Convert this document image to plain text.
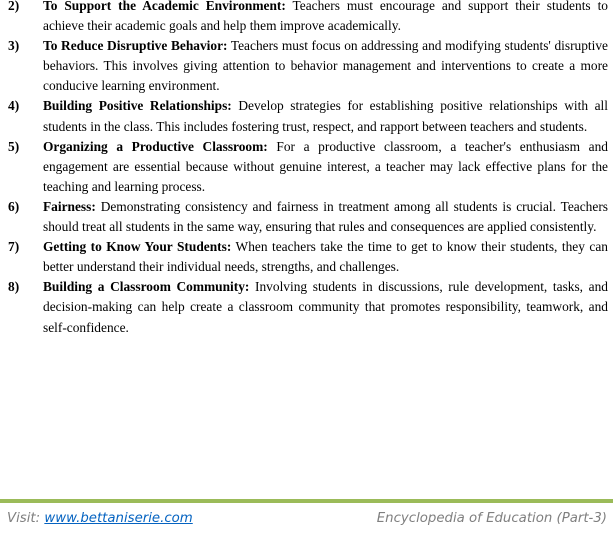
2) To Support the Academic Environment: Teachers must encourage and support their students to achieve their academic goals and help them improve academically.

3) To Reduce Disruptive Behavior: Teachers must focus on addressing and modifying students' disruptive behaviors. This involves giving attention to behavior management and interventions to create a more conducive learning environment.

4) Building Positive Relationships: Develop strategies for establishing positive relationships with all students in the class. This includes fostering trust, respect, and rapport between teachers and students.

5) Organizing a Productive Classroom: For a productive classroom, a teacher's enthusiasm and engagement are essential because without genuine interest, a teacher may lack effective plans for the teaching and learning process.

6) Fairness: Demonstrating consistency and fairness in treatment among all students is crucial. Teachers should treat all students in the same way, ensuring that rules and consequences are applied consistently.

7) Getting to Know Your Students: When teachers take the time to get to know their students, they can better understand their individual needs, strengths, and challenges.

8) Building a Classroom Community: Involving students in discussions, rule development, tasks, and decision-making can help create a classroom community that promotes responsibility, teamwork, and self-confidence.

Visit: www.bettaniserie.com	Encyclopedia of Education (Part-3)
